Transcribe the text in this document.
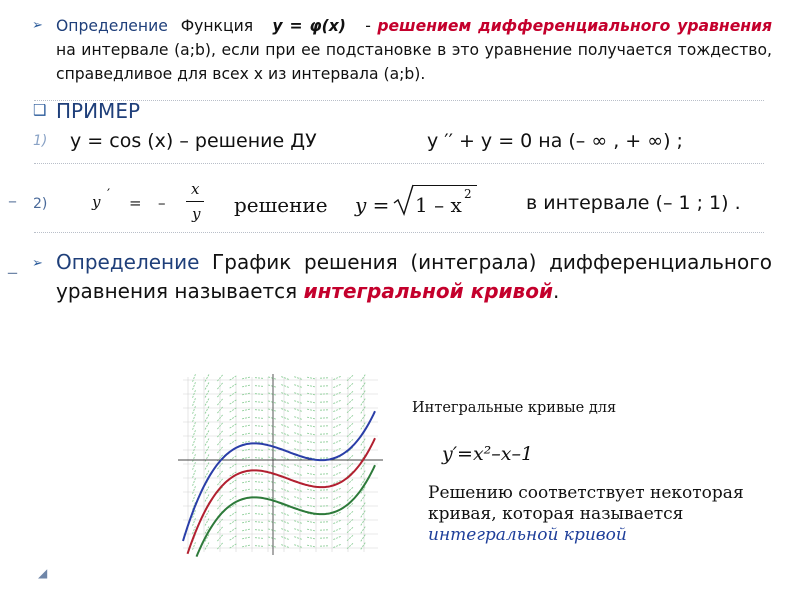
➢ Определение Функция y = φ(x) - решением дифференциального уравнения на интервале (a;b), если при ее подстановке в это уравнение получается тождество, справедливое для всех x из интервала (a;b).
❑ ПРИМЕР
1) y = cos (x) – решение ДУ	y ′′ + y = 0 на (– ∞ , + ∞) ;
– 2)	y ′ = –
x
y решение y = 1 – x 2	в интервале (– 1 ; 1) .
_ ➢ Определение График решения (интеграла) дифференциального уравнения называется интегральной кривой.
Интегральные кривые для
y′=x²–x–1
Решению соответствует некоторая
кривая, которая называется
интегральной кривой
◢
